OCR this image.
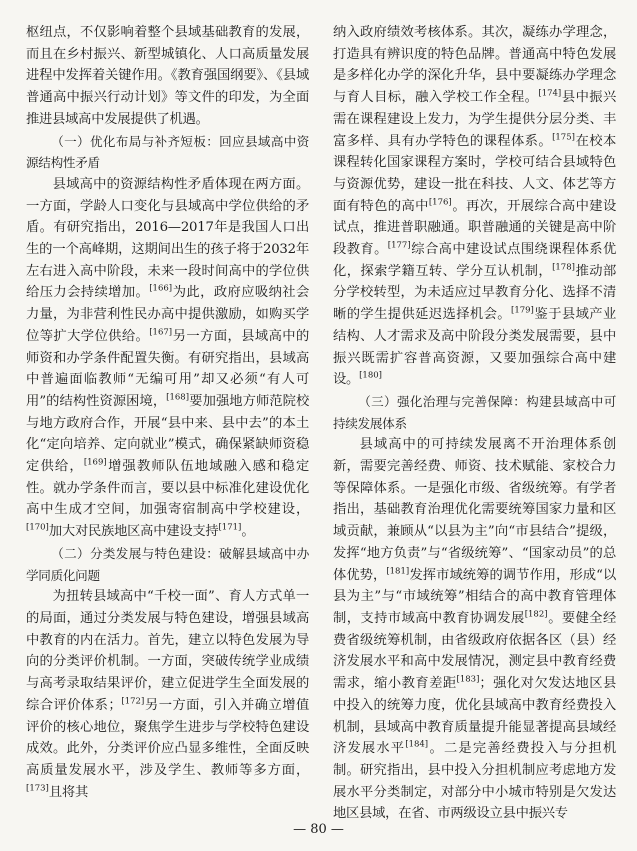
枢纽点，不仅影响着整个县域基础教育的发展，而且在乡村振兴、新型城镇化、人口高质量发展进程中发挥着关键作用。《教育强国纲要》、《县域普通高中振兴行动计划》等文件的印发，为全面推进县域高中发展提供了机遇。

（一）优化布局与补齐短板：回应县域高中资源结构性矛盾

县域高中的资源结构性矛盾体现在两方面。一方面，学龄人口变化与县域高中学位供给的矛盾。有研究指出，2016—2017年是我国人口出生的一个高峰期，这期间出生的孩子将于2032年左右进入高中阶段，未来一段时间高中的学位供给压力会持续增加。[166]为此，政府应吸纳社会力量，为非营利性民办高中提供激励，如购买学位等扩大学位供给。[167]另一方面，县域高中的师资和办学条件配置失衡。有研究指出，县域高中普遍面临教师“无编可用”却又必须“有人可用”的结构性资源困境，[168]要加强地方师范院校与地方政府合作，开展“县中来、县中去”的本土化“定向培养、定向就业”模式，确保紧缺师资稳定供给，[169]增强教师队伍地域融入感和稳定性。就办学条件而言，要以县中标准化建设优化高中生成才空间，加强寄宿制高中学校建设，[170]加大对民族地区高中建设支持[171]。

（二）分类发展与特色建设：破解县域高中办学同质化问题

为扭转县域高中“千校一面”、育人方式单一的局面，通过分类发展与特色建设，增强县域高中教育的内在活力。首先，建立以特色发展为导向的分类评价机制。一方面，突破传统学业成绩与高考录取结果评价，建立促进学生全面发展的综合评价体系；[172]另一方面，引入并确立增值评价的核心地位，聚焦学生进步与学校特色建设成效。此外，分类评价应凸显多维性，全面反映高质量发展水平，涉及学生、教师等多方面，[173]且将其

纳入政府绩效考核体系。其次，凝练办学理念，打造具有辨识度的特色品牌。普通高中特色发展是多样化办学的深化升华，县中要凝练办学理念与育人目标，融入学校工作全程。[174]县中振兴需在课程建设上发力，为学生提供分层分类、丰富多样、具有办学特色的课程体系。[175]在校本课程转化国家课程方案时，学校可结合县域特色与资源优势，建设一批在科技、人文、体艺等方面有特色的高中[176]。再次，开展综合高中建设试点，推进普职融通。职普融通的关键是高中阶段教育。[177]综合高中建设试点围绕课程体系优化，探索学籍互转、学分互认机制，[178]推动部分学校转型，为未适应过早教育分化、选择不清晰的学生提供延迟选择机会。[179]鉴于县域产业结构、人才需求及高中阶段分类发展需要，县中振兴既需扩容普高资源，又要加强综合高中建设。[180]

（三）强化治理与完善保障：构建县域高中可持续发展体系

县域高中的可持续发展离不开治理体系创新，需要完善经费、师资、技术赋能、家校合力等保障体系。一是强化市级、省级统筹。有学者指出，基础教育治理优化需要统筹国家力量和区域贡献，兼顾从“以县为主”向“市县结合”提级，发挥“地方负责”与“省级统筹”、“国家动员”的总体优势，[181]发挥市域统筹的调节作用，形成“以县为主”与“市域统筹”相结合的高中教育管理体制，支持市域高中教育协调发展[182]。要健全经费省级统筹机制，由省级政府依据各区（县）经济发展水平和高中发展情况，测定县中教育经费需求，缩小教育差距[183]；强化对欠发达地区县中投入的统筹力度，优化县域高中教育经费投入机制，县域高中教育质量提升能显著提高县域经济发展水平[184]。二是完善经费投入与分担机制。研究指出，县中投入分担机制应考虑地方发展水平分类制定，对部分中小城市特别是欠发达地区县域，在省、市两级设立县中振兴专

— 80 —
